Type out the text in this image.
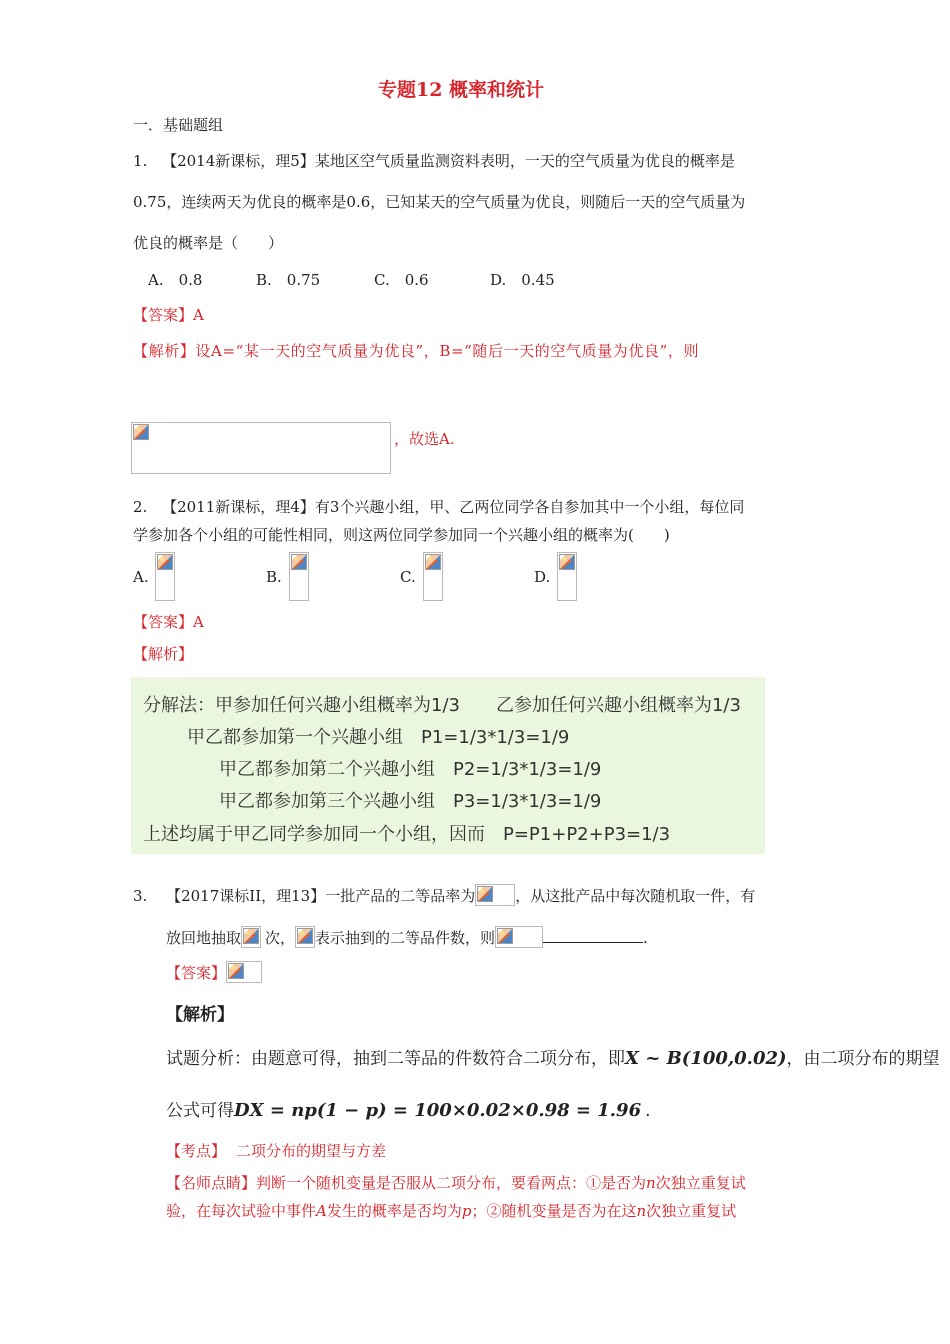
专题12 概率和统计
一．基础题组
1. 【2014新课标，理5】某地区空气质量监测资料表明，一天的空气质量为优良的概率是
0.75，连续两天为优良的概率是0.6，已知某天的空气质量为优良，则随后一天的空气质量为
优良的概率是（　　）
A.　0.8	B.　0.75	C.　0.6	D.　0.45
【答案】A
【解析】设A=“某一天的空气质量为优良”，B=“随后一天的空气质量为优良”，则
，故选A.
2. 【2011新课标，理4】有3个兴趣小组，甲、乙两位同学各自参加其中一个小组，每位同
学参加各个小组的可能性相同，则这两位同学参加同一个兴趣小组的概率为(　　)
A.	B.	C.	D.
【答案】A
【解析】
分解法：甲参加任何兴趣小组概率为1/3　　乙参加任何兴趣小组概率为1/3
甲乙都参加第一个兴趣小组　P1=1/3*1/3=1/9
甲乙都参加第二个兴趣小组　P2=1/3*1/3=1/9
甲乙都参加第三个兴趣小组　P3=1/3*1/3=1/9
上述均属于甲乙同学参加同一个小组，因而　P=P1+P2+P3=1/3
3. 【2017课标II，理13】一批产品的二等品率为	，从这批产品中每次随机取一件，有
放回地抽取 次， 表示抽到的二等品件数，则	.
【答案】
【解析】
试题分析：由题意可得，抽到二等品的件数符合二项分布，即X ~ B(100,0.02)，由二项分布的期望
公式可得DX = np(1 − p) = 100×0.02×0.98 = 1.96 .
【考点】 二项分布的期望与方差
【名师点睛】判断一个随机变量是否服从二项分布，要看两点：①是否为n次独立重复试
验，在每次试验中事件A发生的概率是否均为p；②随机变量是否为在这n次独立重复试
